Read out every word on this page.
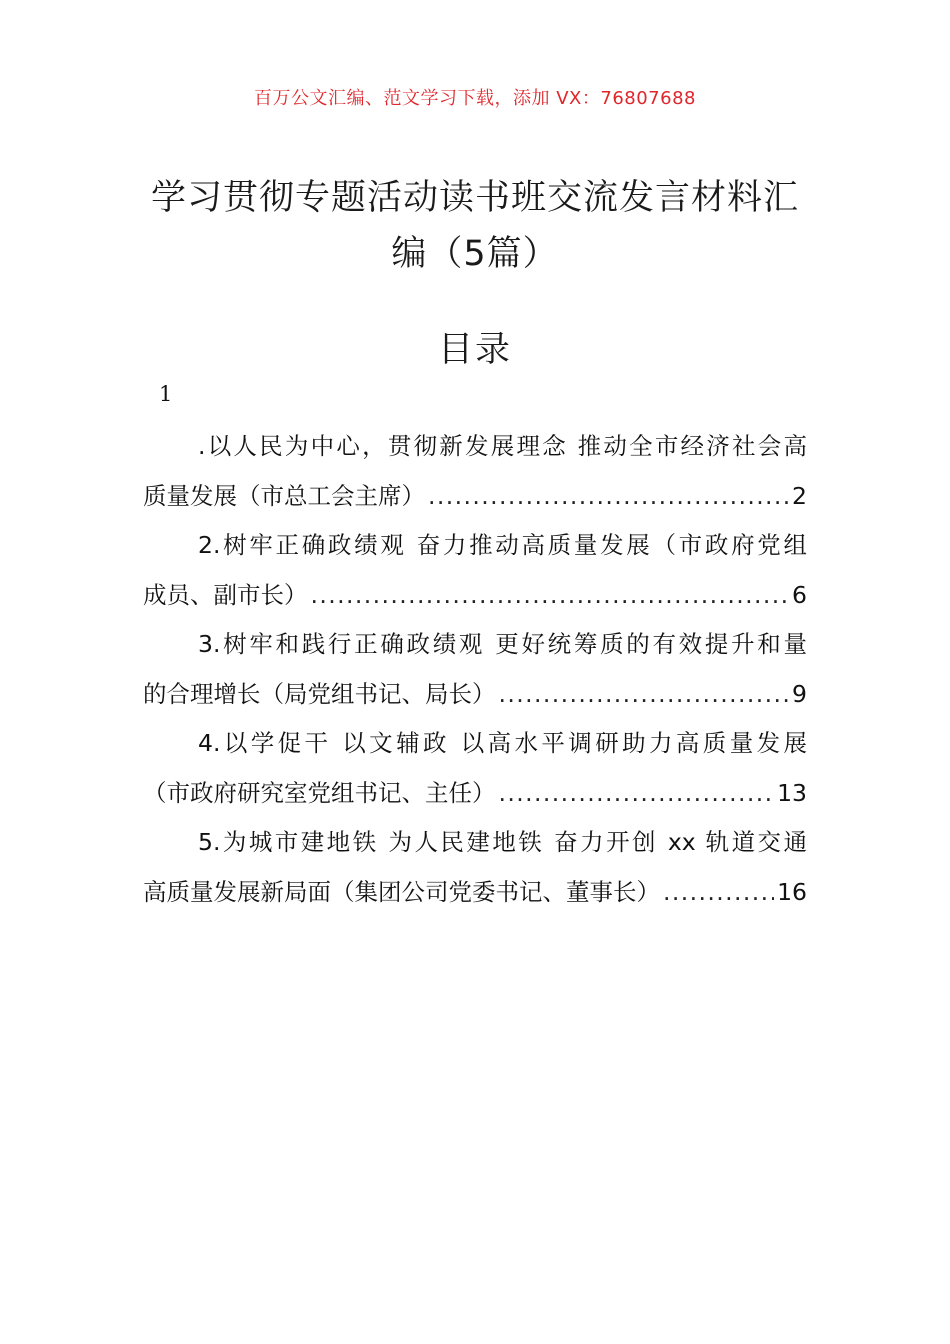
百万公文汇编、范文学习下载，添加 VX：76807688
学习贯彻专题活动读书班交流发言材料汇编（5篇）
目录
1
.以人民为中心，贯彻新发展理念 推动全市经济社会高
质量发展（市总工会主席） .....	2
2.树牢正确政绩观 奋力推动高质量发展（市政府党组
成员、副市长） .....	6
3.树牢和践行正确政绩观 更好统筹质的有效提升和量
的合理增长（局党组书记、局长） .....	9
4.以学促干 以文辅政 以高水平调研助力高质量发展
（市政府研究室党组书记、主任） .....	13
5.为城市建地铁 为人民建地铁 奋力开创 xx 轨道交通
高质量发展新局面（集团公司党委书记、董事长） .....	16
